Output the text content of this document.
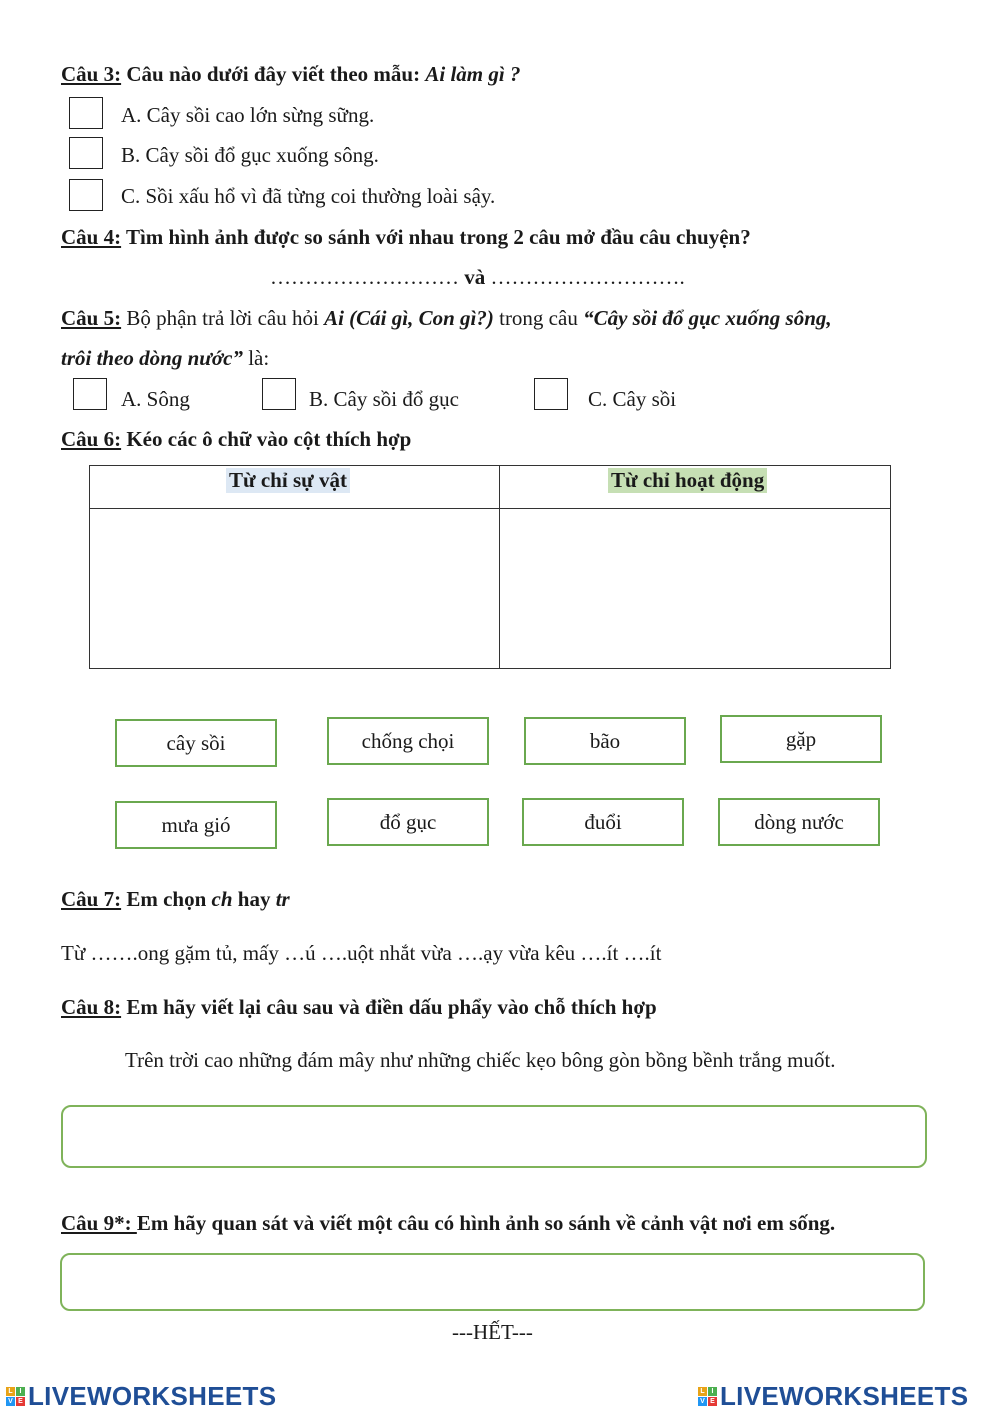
Câu 3: Câu nào dưới đây viết theo mẫu: Ai làm gì ?
A. Cây sồi cao lớn sừng sững.
B. Cây sồi đổ gục xuống sông.
C. Sồi xấu hổ vì đã từng coi thường loài sậy.
Câu 4: Tìm hình ảnh được so sánh với nhau trong 2 câu mở đầu câu chuyện?
……………………… và ……………………….
Câu 5: Bộ phận trả lời câu hỏi Ai (Cái gì, Con gì?) trong câu “Cây sồi đổ gục xuống sông,
trôi theo dòng nước” là:
A. Sông	B. Cây sồi đổ gục	C. Cây sồi
Câu 6: Kéo các ô chữ vào cột thích hợp
Từ chỉ sự vật	Từ chỉ hoạt động
cây sồi	chống chọi	bão	gặp
mưa gió	đổ gục	đuổi	dòng nước
Câu 7: Em chọn ch hay tr
Từ …….ong gặm tủ, mấy …ú ….uột nhắt vừa ….ạy vừa kêu ….ít ….ít
Câu 8: Em hãy viết lại câu sau và điền dấu phẩy vào chỗ thích hợp
Trên trời cao những đám mây như những chiếc kẹo bông gòn bồng bềnh trắng muốt.
Câu 9*: Em hãy quan sát và viết một câu có hình ảnh so sánh về cảnh vật nơi em sống.
---HẾT---
L I
V E LIVEWORKSHEETS	L I
V E LIVEWORKSHEETS
